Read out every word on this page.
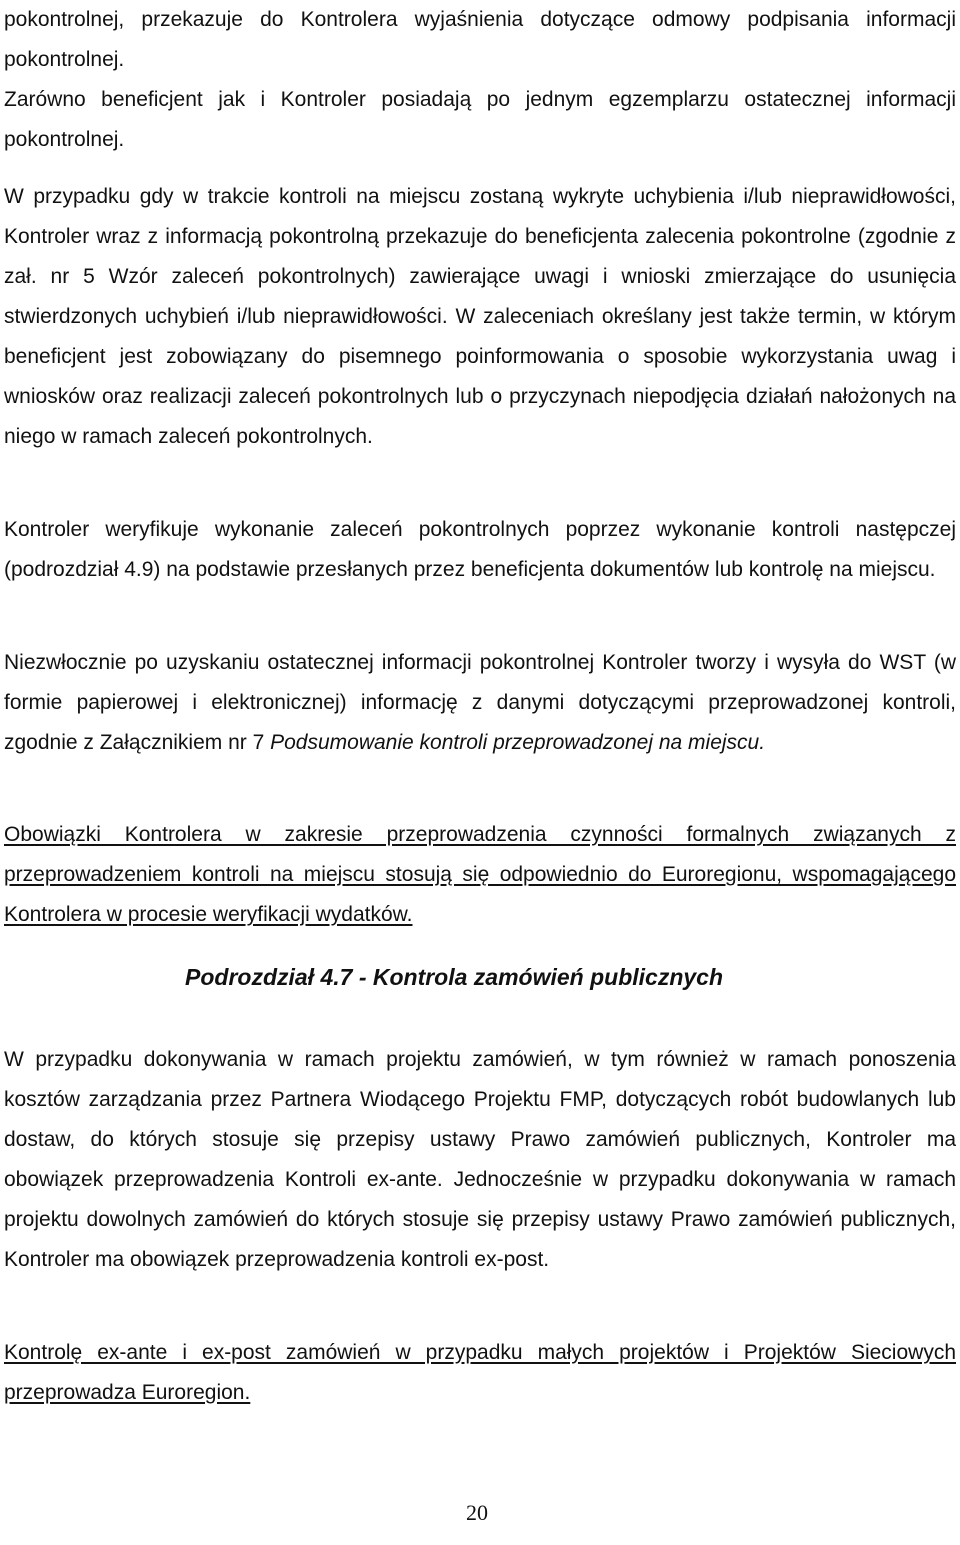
pokontrolnej, przekazuje do Kontrolera wyjaśnienia dotyczące odmowy podpisania informacji pokontrolnej.

Zarówno beneficjent jak i Kontroler posiadają po jednym egzemplarzu ostatecznej informacji pokontrolnej.

W przypadku gdy w trakcie kontroli na miejscu zostaną wykryte uchybienia i/lub nieprawidłowości, Kontroler wraz z informacją pokontrolną przekazuje do beneficjenta zalecenia pokontrolne (zgodnie z zał. nr 5 Wzór zaleceń pokontrolnych) zawierające uwagi i wnioski zmierzające do usunięcia stwierdzonych uchybień i/lub nieprawidłowości. W zaleceniach określany jest także termin, w którym beneficjent jest zobowiązany do pisemnego poinformowania o sposobie wykorzystania uwag i wniosków oraz realizacji zaleceń pokontrolnych lub o przyczynach niepodjęcia działań nałożonych na niego w ramach zaleceń pokontrolnych.

Kontroler weryfikuje wykonanie zaleceń pokontrolnych poprzez wykonanie kontroli następczej (podrozdział 4.9) na podstawie przesłanych przez beneficjenta dokumentów lub kontrolę na miejscu.

Niezwłocznie po uzyskaniu ostatecznej informacji pokontrolnej Kontroler tworzy i wysyła do WST (w formie papierowej i elektronicznej) informację z danymi dotyczącymi przeprowadzonej kontroli, zgodnie z Załącznikiem nr 7 Podsumowanie kontroli przeprowadzonej na miejscu.

Obowiązki Kontrolera w zakresie przeprowadzenia czynności formalnych związanych z przeprowadzeniem kontroli na miejscu stosują się odpowiednio do Euroregionu, wspomagającego Kontrolera w procesie weryfikacji wydatków.

Podrozdział 4.7 - Kontrola zamówień publicznych

W przypadku dokonywania w ramach projektu zamówień, w tym również w ramach ponoszenia kosztów zarządzania przez Partnera Wiodącego Projektu FMP, dotyczących robót budowlanych lub dostaw, do których stosuje się przepisy ustawy Prawo zamówień publicznych, Kontroler ma obowiązek przeprowadzenia Kontroli ex-ante. Jednocześnie w przypadku dokonywania w ramach projektu dowolnych zamówień do których stosuje się przepisy ustawy Prawo zamówień publicznych, Kontroler ma obowiązek przeprowadzenia kontroli ex-post.

Kontrolę ex-ante i ex-post zamówień w przypadku małych projektów i Projektów Sieciowych przeprowadza Euroregion.

20
